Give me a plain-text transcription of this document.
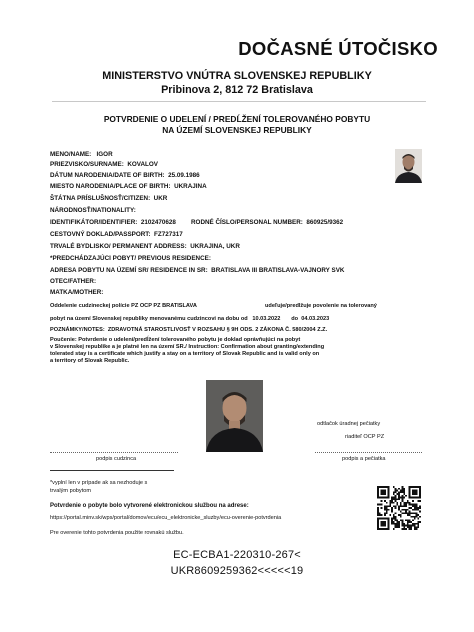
DOČASNÉ ÚTOČISKO
MINISTERSTVO VNÚTRA SLOVENSKEJ REPUBLIKY
Pribinova 2, 812 72 Bratislava
POTVRDENIE O UDELENÍ / PREDĹŽENÍ TOLEROVANÉHO POBYTU
NA ÚZEMÍ SLOVENSKEJ REPUBLIKY
MENO/NAME: IGOR
PRIEZVISKO/SURNAME: KOVALOV
DÁTUM NARODENIA/DATE OF BIRTH: 25.09.1986
MIESTO NARODENIA/PLACE OF BIRTH: UKRAJINA
ŠTÁTNA PRÍSLUŠNOSŤ/CITIZEN: UKR
NÁRODNOSŤ/NATIONALITY:
IDENTIFIKÁTOR/IDENTIFIER: 2102470628 RODNÉ ČÍSLO/PERSONAL NUMBER: 860925/9362
CESTOVNÝ DOKLAD/PASSPORT: FZ727317
TRVALÉ BYDLISKO/ PERMANENT ADDRESS: UKRAJINA, UKR
*PREDCHÁDZAJÚCI POBYT/ PREVIOUS RESIDENCE:
ADRESA POBYTU NA ÚZEMÍ SR/ RESIDENCE IN SR: BRATISLAVA III BRATISLAVA-VAJNORY SVK
OTEC/FATHER:
MATKA/MOTHER:
Oddelenie cudzineckej polície PZ OCP PZ BRATISLAVA	udeľuje/predlžuje povolenie na tolerovaný
pobyt na území Slovenskej republiky menovanému cudzincovi na dobu od 10.03.2022 do 04.03.2023
POZNÁMKY/NOTES: ZDRAVOTNÁ STAROSTLIVOSŤ V ROZSAHU § 9H ODS. 2 ZÁKONA Č. 580/2004 Z.Z.
Poučenie: Potvrdenie o udelení/predĺžení tolerovaného pobytu je doklad oprávňujúci na pobyt
v Slovenskej republike a je platné len na území SR./ Instruction: Confirmation about granting/extending
tolerated stay is a certificate which justify a stay on a territory of Slovak Republic and is valid only on
a territory of Slovak Republic.
odtlačok úradnej pečiatky
riaditeľ OCP PZ
podpis cudzinca	podpis a pečiatka
*vyplní len v prípade ak sa nezhoduje s
trvalým pobytom
Potvrdenie o pobyte bolo vytvorené elektronickou službou na adrese:
https://portal.minv.sk/wps/portal/domov/ecu/ecu_elektronicke_sluzby/ecu-overenie-potvrdenia
Pre overenie tohto potvrdenia použite rovnakú službu.
EC-ECBA1-220310-267<
UKR8609259362<<<<<19
